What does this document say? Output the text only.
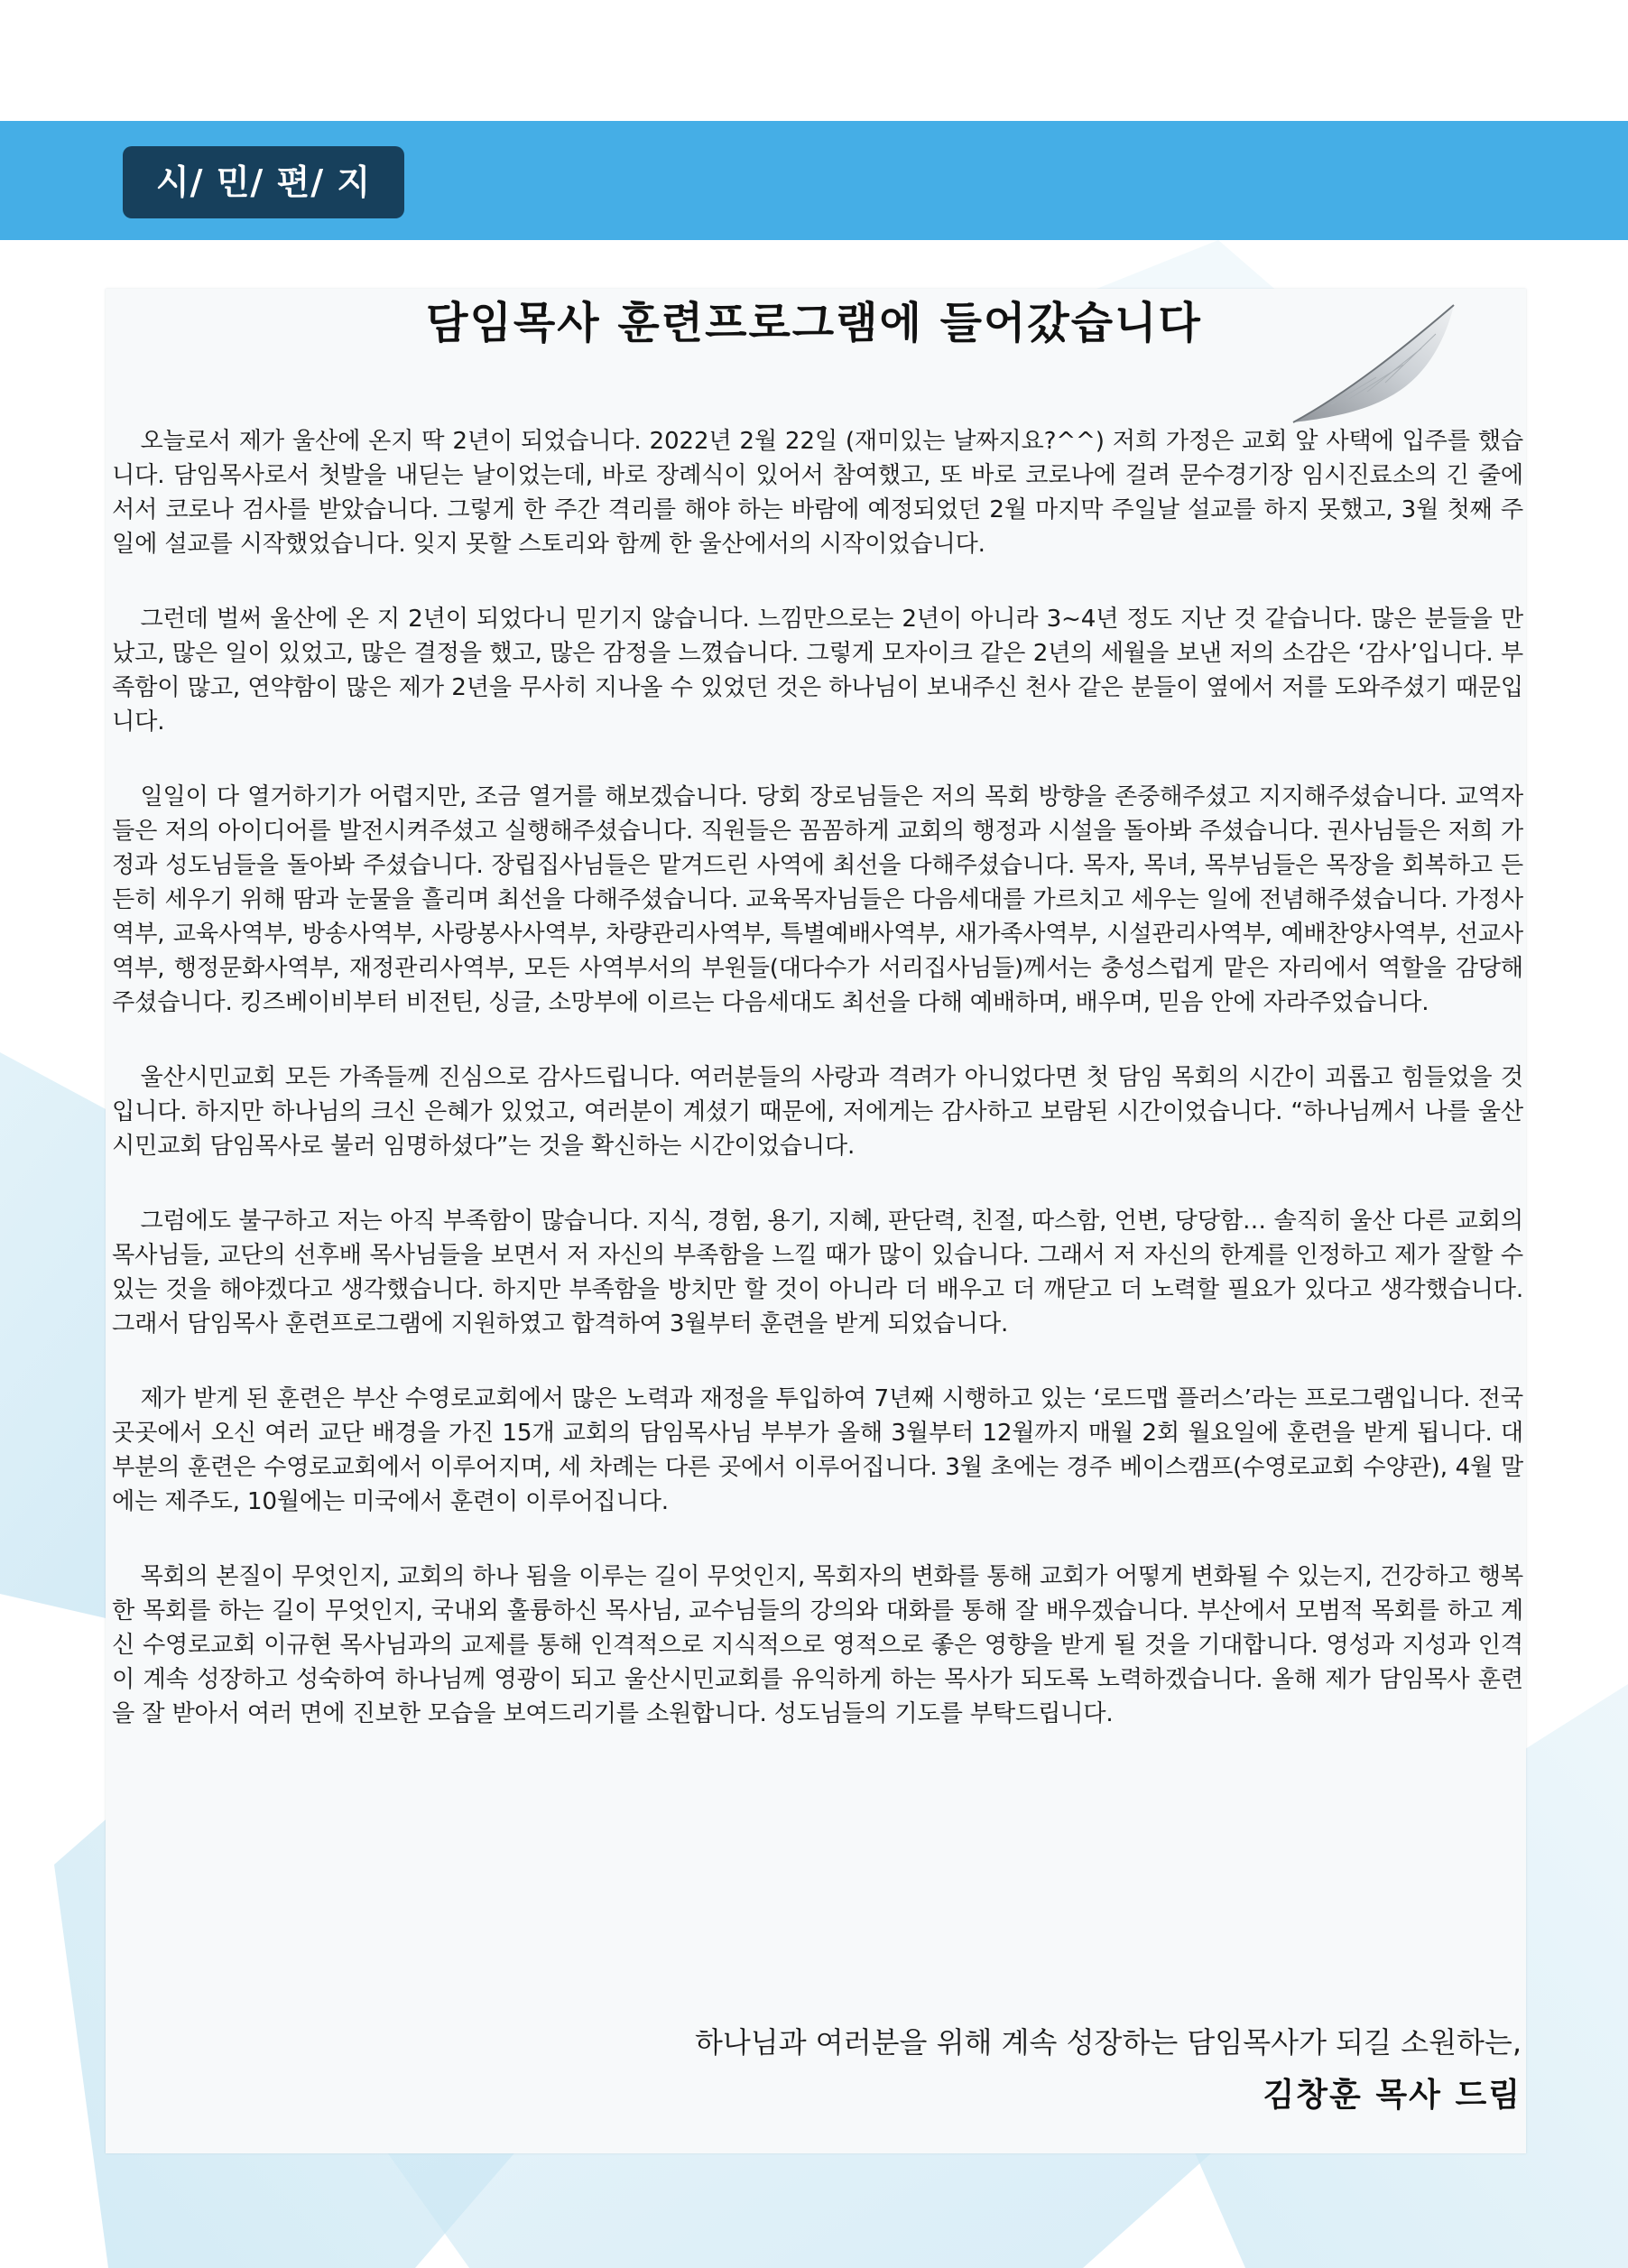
시/ 민/ 편/ 지
담임목사 훈련프로그램에 들어갔습니다

오늘로서 제가 울산에 온지 딱 2년이 되었습니다. 2022년 2월 22일 (재미있는 날짜지요?^^) 저희 가정은 교회 앞 사택에 입주를 했습니다. 담임목사로서 첫발을 내딛는 날이었는데, 바로 장례식이 있어서 참여했고, 또 바로 코로나에 걸려 문수경기장 임시진료소의 긴 줄에 서서 코로나 검사를 받았습니다. 그렇게 한 주간 격리를 해야 하는 바람에 예정되었던 2월 마지막 주일날 설교를 하지 못했고, 3월 첫째 주일에 설교를 시작했었습니다. 잊지 못할 스토리와 함께 한 울산에서의 시작이었습니다.

그런데 벌써 울산에 온 지 2년이 되었다니 믿기지 않습니다. 느낌만으로는 2년이 아니라 3~4년 정도 지난 것 같습니다. 많은 분들을 만났고, 많은 일이 있었고, 많은 결정을 했고, 많은 감정을 느꼈습니다. 그렇게 모자이크 같은 2년의 세월을 보낸 저의 소감은 ‘감사’입니다. 부족함이 많고, 연약함이 많은 제가 2년을 무사히 지나올 수 있었던 것은 하나님이 보내주신 천사 같은 분들이 옆에서 저를 도와주셨기 때문입니다.

일일이 다 열거하기가 어렵지만, 조금 열거를 해보겠습니다. 당회 장로님들은 저의 목회 방향을 존중해주셨고 지지해주셨습니다. 교역자들은 저의 아이디어를 발전시켜주셨고 실행해주셨습니다. 직원들은 꼼꼼하게 교회의 행정과 시설을 돌아봐 주셨습니다. 권사님들은 저희 가정과 성도님들을 돌아봐 주셨습니다. 장립집사님들은 맡겨드린 사역에 최선을 다해주셨습니다. 목자, 목녀, 목부님들은 목장을 회복하고 든든히 세우기 위해 땀과 눈물을 흘리며 최선을 다해주셨습니다. 교육목자님들은 다음세대를 가르치고 세우는 일에 전념해주셨습니다. 가정사역부, 교육사역부, 방송사역부, 사랑봉사사역부, 차량관리사역부, 특별예배사역부, 새가족사역부, 시설관리사역부, 예배찬양사역부, 선교사역부, 행정문화사역부, 재정관리사역부, 모든 사역부서의 부원들(대다수가 서리집사님들)께서는 충성스럽게 맡은 자리에서 역할을 감당해주셨습니다. 킹즈베이비부터 비전틴, 싱글, 소망부에 이르는 다음세대도 최선을 다해 예배하며, 배우며, 믿음 안에 자라주었습니다.

울산시민교회 모든 가족들께 진심으로 감사드립니다. 여러분들의 사랑과 격려가 아니었다면 첫 담임 목회의 시간이 괴롭고 힘들었을 것입니다. 하지만 하나님의 크신 은혜가 있었고, 여러분이 계셨기 때문에, 저에게는 감사하고 보람된 시간이었습니다. “하나님께서 나를 울산시민교회 담임목사로 불러 임명하셨다”는 것을 확신하는 시간이었습니다.

그럼에도 불구하고 저는 아직 부족함이 많습니다. 지식, 경험, 용기, 지혜, 판단력, 친절, 따스함, 언변, 당당함… 솔직히 울산 다른 교회의 목사님들, 교단의 선후배 목사님들을 보면서 저 자신의 부족함을 느낄 때가 많이 있습니다. 그래서 저 자신의 한계를 인정하고 제가 잘할 수 있는 것을 해야겠다고 생각했습니다. 하지만 부족함을 방치만 할 것이 아니라 더 배우고 더 깨닫고 더 노력할 필요가 있다고 생각했습니다. 그래서 담임목사 훈련프로그램에 지원하였고 합격하여 3월부터 훈련을 받게 되었습니다.

제가 받게 된 훈련은 부산 수영로교회에서 많은 노력과 재정을 투입하여 7년째 시행하고 있는 ‘로드맵 플러스’라는 프로그램입니다. 전국 곳곳에서 오신 여러 교단 배경을 가진 15개 교회의 담임목사님 부부가 올해 3월부터 12월까지 매월 2회 월요일에 훈련을 받게 됩니다. 대부분의 훈련은 수영로교회에서 이루어지며, 세 차례는 다른 곳에서 이루어집니다. 3월 초에는 경주 베이스캠프(수영로교회 수양관), 4월 말에는 제주도, 10월에는 미국에서 훈련이 이루어집니다.

목회의 본질이 무엇인지, 교회의 하나 됨을 이루는 길이 무엇인지, 목회자의 변화를 통해 교회가 어떻게 변화될 수 있는지, 건강하고 행복한 목회를 하는 길이 무엇인지, 국내외 훌륭하신 목사님, 교수님들의 강의와 대화를 통해 잘 배우겠습니다. 부산에서 모범적 목회를 하고 계신 수영로교회 이규현 목사님과의 교제를 통해 인격적으로 지식적으로 영적으로 좋은 영향을 받게 될 것을 기대합니다. 영성과 지성과 인격이 계속 성장하고 성숙하여 하나님께 영광이 되고 울산시민교회를 유익하게 하는 목사가 되도록 노력하겠습니다. 올해 제가 담임목사 훈련을 잘 받아서 여러 면에 진보한 모습을 보여드리기를 소원합니다. 성도님들의 기도를 부탁드립니다.

하나님과 여러분을 위해 계속 성장하는 담임목사가 되길 소원하는,
김창훈 목사 드림
